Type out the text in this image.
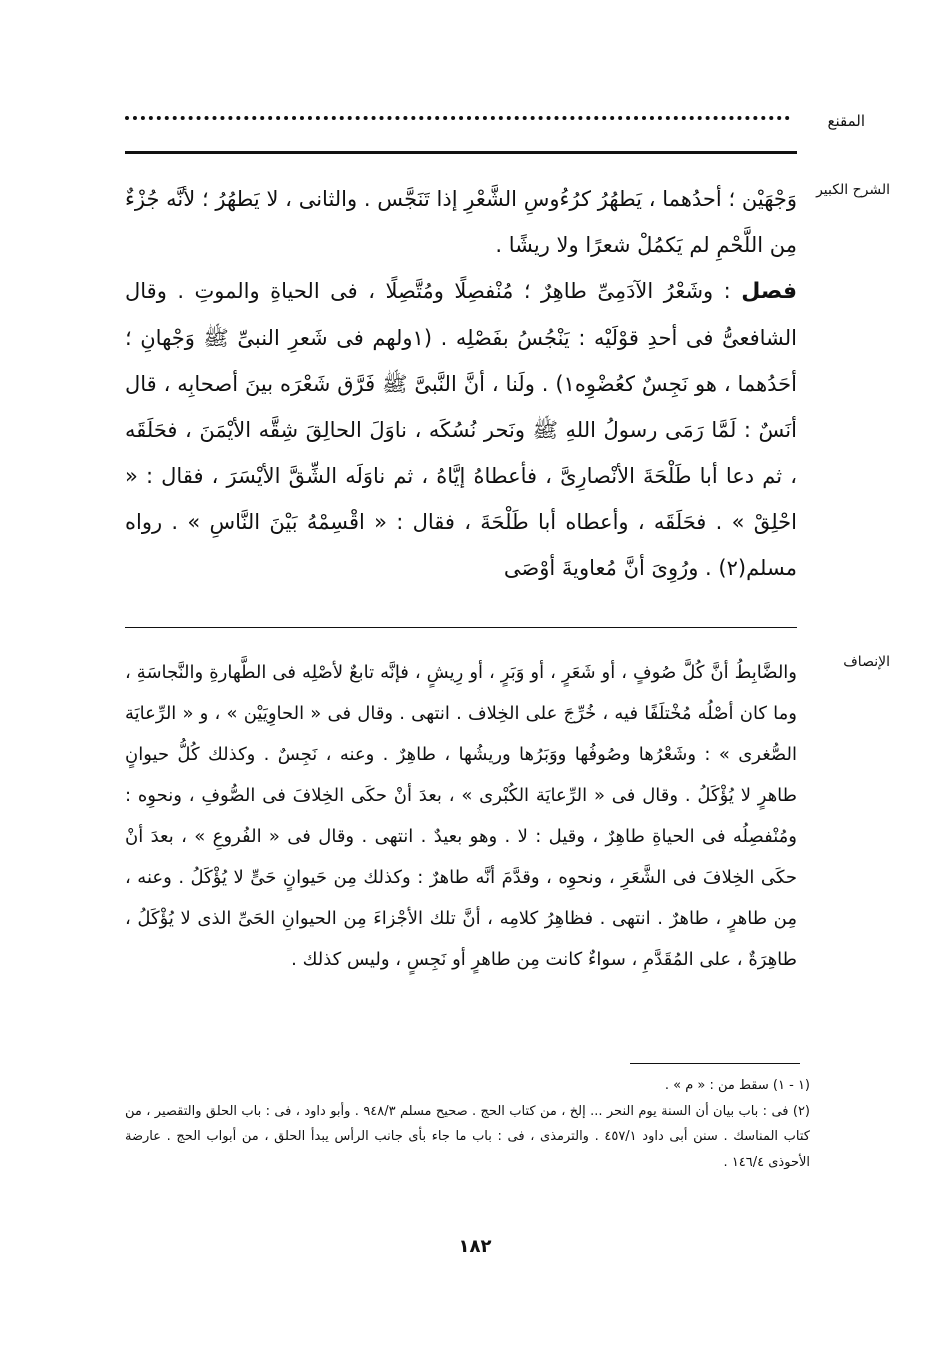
المقنع
الشرح الكبير

وَجْهَيْن ؛ أحدُهما ، يَطهُرُ كرُءُوسِ الشَّعْرِ إذا تَنَجَّس . والثانى ، لا يَطهُرُ ؛ لأنَّه جُزْءٌ مِن اللَّحْمِ لم يَكمُلْ شعرًا ولا ريشًا .

فصل : وشَعْرُ الآدَمِىِّ طاهِرٌ ؛ مُنْفصِلًا ومُتَّصِلًا ، فى الحياةِ والموتِ . وقال الشافعىُّ فى أحدِ قوْلَيْه : يَنْجُسُ بفَصْلِه . (١ولهم فى شَعرِ النبىِّ ﷺ وَجْهانِ ؛ أحَدُهما ، هو نَجِسٌ كعُضْوِه١) . ولَنا ، أنَّ النَّبىَّ ﷺ فَرَّق شَعْرَه بينَ أصحابِه ، قال أنَسٌ : لَمَّا رَمَى رسولُ اللهِ ﷺ ونَحر نُسُكَه ، ناوَلَ الحالِقَ شِقَّه الأيْمَنَ ، فحَلَقَه ، ثم دعا أبا طَلْحَةَ الأنْصارِىَّ ، فأعطاهُ إيَّاهُ ، ثم ناوَلَه الشِّقَّ الأيْسَرَ ، فقال : « احْلِقْ » . فحَلَقَه ، وأعطاه أبا طَلْحَةَ ، فقال : « اقْسِمْهُ بَيْنَ النَّاسِ » . رواه مسلم(٢) . ورُوِىَ أنَّ مُعاويةَ أوْصَى

الإنصاف

والضَّابِطُ أنَّ كُلَّ صُوفٍ ، أو شَعَرٍ ، أو وَبَرٍ ، أو رِيشٍ ، فإنَّه تابعٌ لأصْلِه فى الطَّهارةِ والنَّجاسَةِ ، وما كان أصْلُه مُخْتلَفًا فيه ، خُرِّجَ على الخِلاف . انتهى . وقال فى « الحاوِيَيْن » ، و « الرِّعايَة الصُّغرى » : وشَعْرُها وصُوفُها ووَبَرُها وريشُها ، طاهِرٌ . وعنه ، نَجِسٌ . وكذلك كُلُّ حيوانٍ طاهرٍ لا يُؤْكَلُ . وقال فى « الرِّعايَة الكُبْرى » ، بعدَ أنْ حكَى الخِلافَ فى الصُّوفِ ، ونحوِه : ومُنْفصِلُه فى الحياةِ طاهِرٌ ، وقيل : لا . وهو بعيدٌ . انتهى . وقال فى « الفُروعِ » ، بعدَ أنْ حكَى الخِلافَ فى الشَّعَرِ ، ونحوِه ، وقدَّمَ أنَّه طاهرٌ : وكذلك مِن حَيوانٍ حَىٍّ لا يُؤْكَلُ . وعنه ، مِن طاهرٍ ، طاهرٌ . انتهى . فظاهِرُ كلامِه ، أنَّ تلك الأجْزاءَ مِن الحيوانِ الحَىِّ الذى لا يُؤْكَلُ ، طاهِرَةٌ ، على المُقَدَّمِ ، سواءٌ كانت مِن طاهرٍ أو نَجِسٍ ، وليس كذلك .

(١ - ١) سقط من : « م » .

(٢) فى : باب بيان أن السنة يوم النحر ... إلخ ، من كتاب الحج . صحيح مسلم ٩٤٨/٣ . وأبو داود ، فى : باب الحلق والتقصير ، من كتاب المناسك . سنن أبى داود ٤٥٧/١ . والترمذى ، فى : باب ما جاء بأى جانب الرأس يبدأ الحلق ، من أبواب الحج . عارضة الأحوذى ١٤٦/٤ .

١٨٢
